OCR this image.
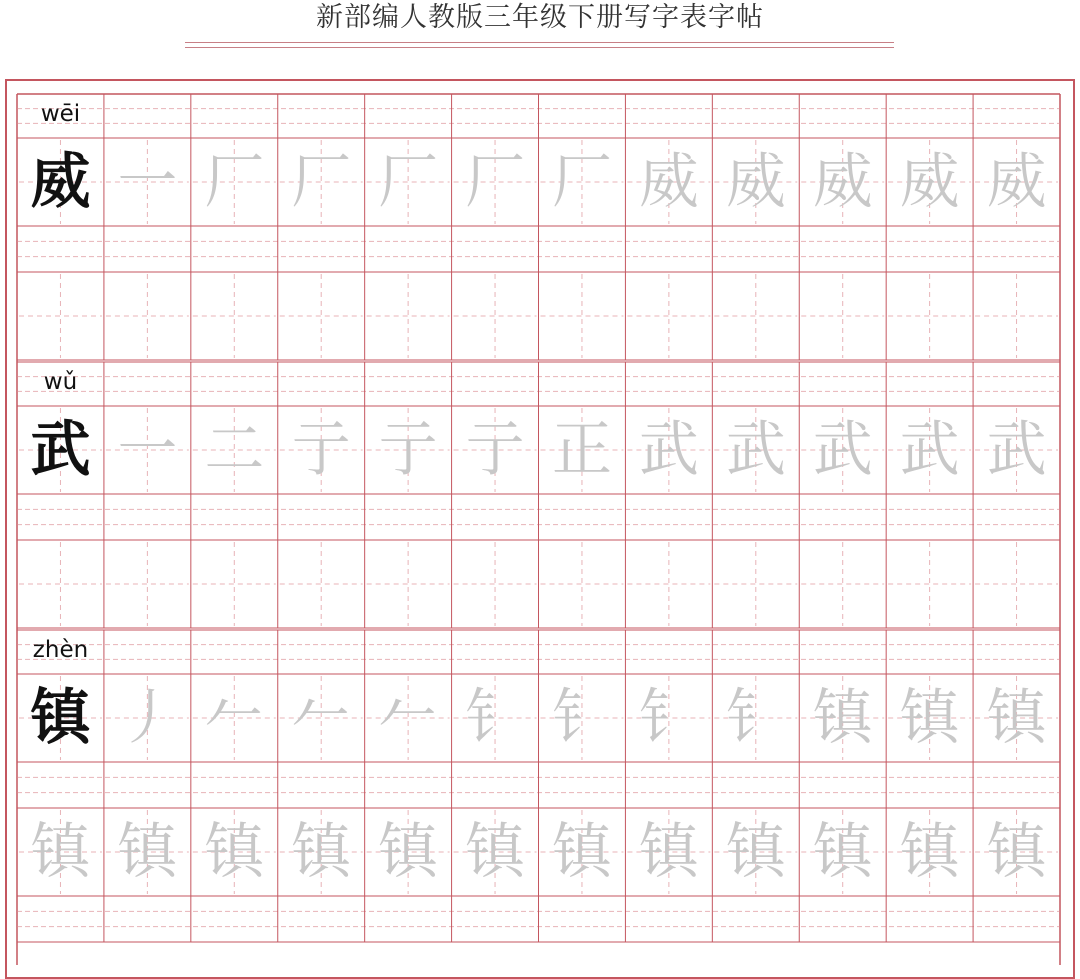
新部编人教版三年级下册写字表字帖
wēi
威 一 厂 厂 厂 厂 厂 威 威 威 威 威
wǔ
武 一 二 亍 亍 亍 正 武 武 武 武 武
zhèn
镇 丿 𠂉 𠂉 𠂉 钅 钅 钅 钅 镇 镇 镇
镇 镇 镇 镇 镇 镇 镇 镇 镇 镇 镇 镇
